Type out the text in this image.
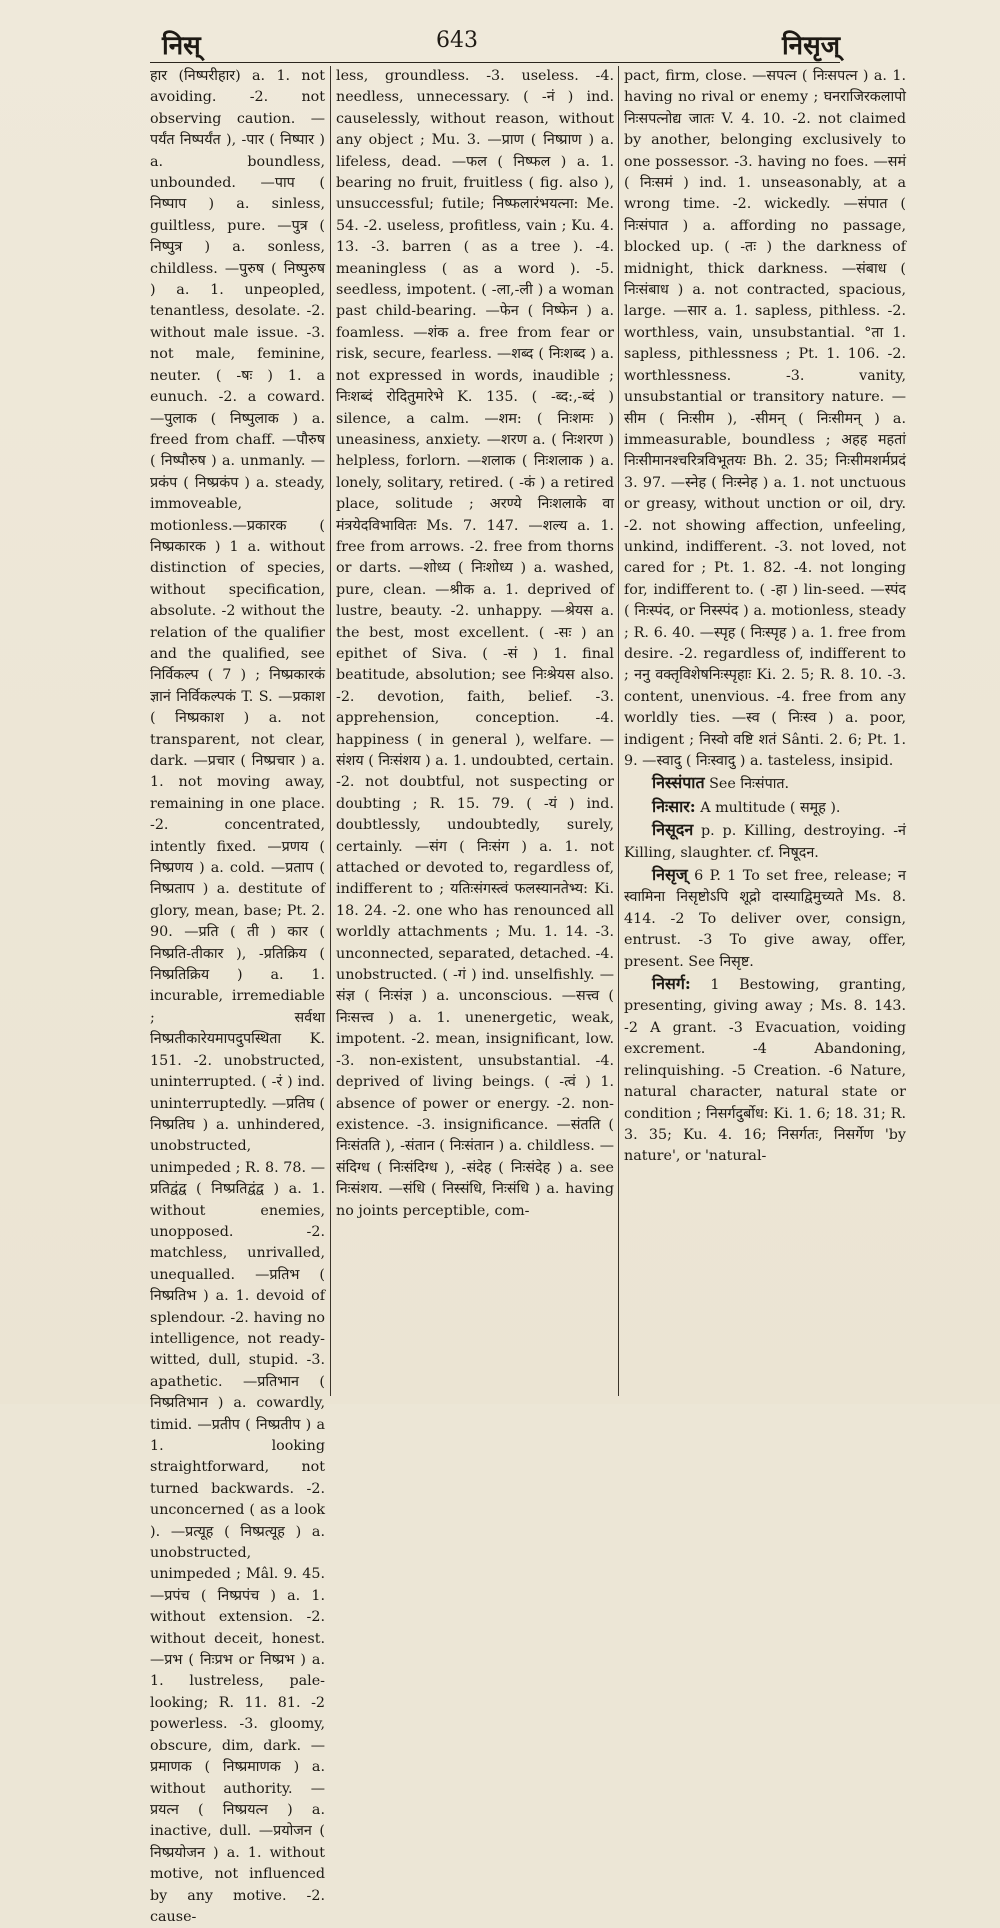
निस्	643	निसृज्

हार (निष्परीहार) a. 1. not avoiding. -2. not observing caution. —पर्यंत निष्पर्यंत ), -पार ( निष्पार ) a. boundless, unbounded. —पाप ( निष्पाप ) a. sinless, guiltless, pure. —पुत्र ( निष्पुत्र ) a. sonless, childless. —पुरुष ( निष्पुरुष ) a. 1. unpeopled, tenantless, desolate. -2. without male issue. -3. not male, feminine, neuter. ( -षः ) 1. a eunuch. -2. a coward. —पुलाक ( निष्पुलाक ) a. freed from chaff. —पौरुष ( निष्पौरुष ) a. unmanly. —प्रकंप ( निष्प्रकंप ) a. steady, immoveable, motionless.—प्रकारक ( निष्प्रकारक ) 1 a. without distinction of species, without specification, absolute. -2 without the relation of the qualifier and the qualified, see निर्विकल्प ( 7 ) ; निष्प्रकारकं ज्ञानं निर्विकल्पकं T. S. —प्रकाश ( निष्प्रकाश ) a. not transparent, not clear, dark. —प्रचार ( निष्प्रचार ) a. 1. not moving away, remaining in one place. -2. concentrated, intently fixed. —प्रणय ( निष्प्रणय ) a. cold. —प्रताप ( निष्प्रताप ) a. destitute of glory, mean, base; Pt. 2. 90. —प्रति ( ती ) कार ( निष्प्रति-तीकार ), -प्रतिक्रिय ( निष्प्रतिक्रिय ) a. 1. incurable, irremediable ; सर्वथा निष्प्रतीकारेयमापदुपस्थिता K. 151. -2. unobstructed, uninterrupted. ( -रं ) ind. uninterruptedly. —प्रतिघ ( निष्प्रतिघ ) a. unhindered, unobstructed, unimpeded ; R. 8. 78. —प्रतिद्वंद्व ( निष्प्रतिद्वंद्व ) a. 1. without enemies, unopposed. -2. matchless, unrivalled, unequalled. —प्रतिभ ( निष्प्रतिभ ) a. 1. devoid of splendour. -2. having no intelligence, not ready-witted, dull, stupid. -3. apathetic. —प्रतिभान ( निष्प्रतिभान ) a. cowardly, timid. —प्रतीप ( निष्प्रतीप ) a 1. looking straightforward, not turned backwards. -2. unconcerned ( as a look ). —प्रत्यूह ( निष्प्रत्यूह ) a. unobstructed, unimpeded ; Mâl. 9. 45. —प्रपंच ( निष्प्रपंच ) a. 1. without extension. -2. without deceit, honest. —प्रभ ( निःप्रभ or निष्प्रभ ) a. 1. lustreless, pale-looking; R. 11. 81. -2 powerless. -3. gloomy, obscure, dim, dark. —प्रमाणक ( निष्प्रमाणक ) a. without authority. —प्रयत्न ( निष्प्रयत्न ) a. inactive, dull. —प्रयोजन ( निष्प्रयोजन ) a. 1. without motive, not influenced by any motive. -2. cause-

less, groundless. -3. useless. -4. needless, unnecessary. ( -नं ) ind. causelessly, without reason, without any object ; Mu. 3. —प्राण ( निष्प्राण ) a. lifeless, dead. —फल ( निष्फल ) a. 1. bearing no fruit, fruitless ( fig. also ), unsuccessful; futile; निष्फलारंभयत्ना: Me. 54. -2. useless, profitless, vain ; Ku. 4. 13. -3. barren ( as a tree ). -4. meaningless ( as a word ). -5. seedless, impotent. ( -ला,-ली ) a woman past child-bearing. —फेन ( निष्फेन ) a. foamless. —शंक a. free from fear or risk, secure, fearless. —शब्द ( निःशब्द ) a. not expressed in words, inaudible ; निःशब्दं रोदितुमारेभे K. 135. ( -ब्द:,-ब्दं ) silence, a calm. —शम: ( निःशमः ) uneasiness, anxiety. —शरण a. ( निःशरण ) helpless, forlorn. —शलाक ( निःशलाक ) a. lonely, solitary, retired. ( -कं ) a retired place, solitude ; अरण्ये निःशलाके वा मंत्रयेदविभावितः Ms. 7. 147. —शल्य a. 1. free from arrows. -2. free from thorns or darts. —शोध्य ( निःशोध्य ) a. washed, pure, clean. —श्रीक a. 1. deprived of lustre, beauty. -2. unhappy. —श्रेयस a. the best, most excellent. ( -सः ) an epithet of Siva. ( -सं ) 1. final beatitude, absolution; see निःश्रेयस also. -2. devotion, faith, belief. -3. apprehension, conception. -4. happiness ( in general ), welfare. —संशय ( निःसंशय ) a. 1. undoubted, certain. -2. not doubtful, not suspecting or doubting ; R. 15. 79. ( -यं ) ind. doubtlessly, undoubtedly, surely, certainly. —संग ( निःसंग ) a. 1. not attached or devoted to, regardless of, indifferent to ; यतिःसंगस्त्वं फलस्यानतेभ्य: Ki. 18. 24. -2. one who has renounced all worldly attachments ; Mu. 1. 14. -3. unconnected, separated, detached. -4. unobstructed. ( -गं ) ind. unselfishly. —संज्ञ ( निःसंज्ञ ) a. unconscious. —सत्त्व ( निःसत्त्व ) a. 1. unenergetic, weak, impotent. -2. mean, insignificant, low. -3. non-existent, unsubstantial. -4. deprived of living beings. ( -त्वं ) 1. absence of power or energy. -2. non-existence. -3. insignificance. —संतति ( निःसंतति ), -संतान ( निःसंतान ) a. childless. —संदिग्ध ( निःसंदिग्ध ), -संदेह ( निःसंदेह ) a. see निःसंशय. —संधि ( निस्संधि, निःसंधि ) a. having no joints perceptible, com-

pact, firm, close. —सपत्न ( निःसपत्न ) a. 1. having no rival or enemy ; घनराजिरकलापो निःसपत्नोद्य जातः V. 4. 10. -2. not claimed by another, belonging exclusively to one possessor. -3. having no foes. —समं ( निःसमं ) ind. 1. unseasonably, at a wrong time. -2. wickedly. —संपात ( निःसंपात ) a. affording no passage, blocked up. ( -तः ) the darkness of midnight, thick darkness. —संबाध ( निःसंबाध ) a. not contracted, spacious, large. —सार a. 1. sapless, pithless. -2. worthless, vain, unsubstantial. °ता 1. sapless, pithlessness ; Pt. 1. 106. -2. worthlessness. -3. vanity, unsubstantial or transitory nature. —सीम ( निःसीम ), -सीमन् ( निःसीमन् ) a. immeasurable, boundless ; अहह महतां निःसीमानश्चरित्रविभूतयः Bh. 2. 35; निःसीमशर्मप्रदं 3. 97. —स्नेह ( निःस्नेह ) a. 1. not unctuous or greasy, without unction or oil, dry. -2. not showing affection, unfeeling, unkind, indifferent. -3. not loved, not cared for ; Pt. 1. 82. -4. not longing for, indifferent to. ( -हा ) lin-seed. —स्पंद ( निःस्पंद, or निस्स्पंद ) a. motionless, steady ; R. 6. 40. —स्पृह ( निःस्पृह ) a. 1. free from desire. -2. regardless of, indifferent to ; ननु वक्तृविशेषनिःस्पृहाः Ki. 2. 5; R. 8. 10. -3. content, unenvious. -4. free from any worldly ties. —स्व ( निःस्व ) a. poor, indigent ; निस्वो वष्टि शतं Sânti. 2. 6; Pt. 1. 9. —स्वादु ( निःस्वादु ) a. tasteless, insipid.

निस्संपात See निःसंपात.

निःसार: A multitude ( समूह ).

निसूदन p. p. Killing, destroying. -नं Killing, slaughter. cf. निषूदन.

निसृज् 6 P. 1 To set free, release; न स्वामिना निसृष्टोऽपि शूद्रो दास्याद्विमुच्यते Ms. 8. 414. -2 To deliver over, consign, entrust. -3 To give away, offer, present. See निसृष्ट.

निसर्ग: 1 Bestowing, granting, presenting, giving away ; Ms. 8. 143. -2 A grant. -3 Evacuation, voiding excrement. -4 Abandoning, relinquishing. -5 Creation. -6 Nature, natural character, natural state or condition ; निसर्गदुर्बोध: Ki. 1. 6; 18. 31; R. 3. 35; Ku. 4. 16; निसर्गतः, निसर्गेण 'by nature', or 'natural-
